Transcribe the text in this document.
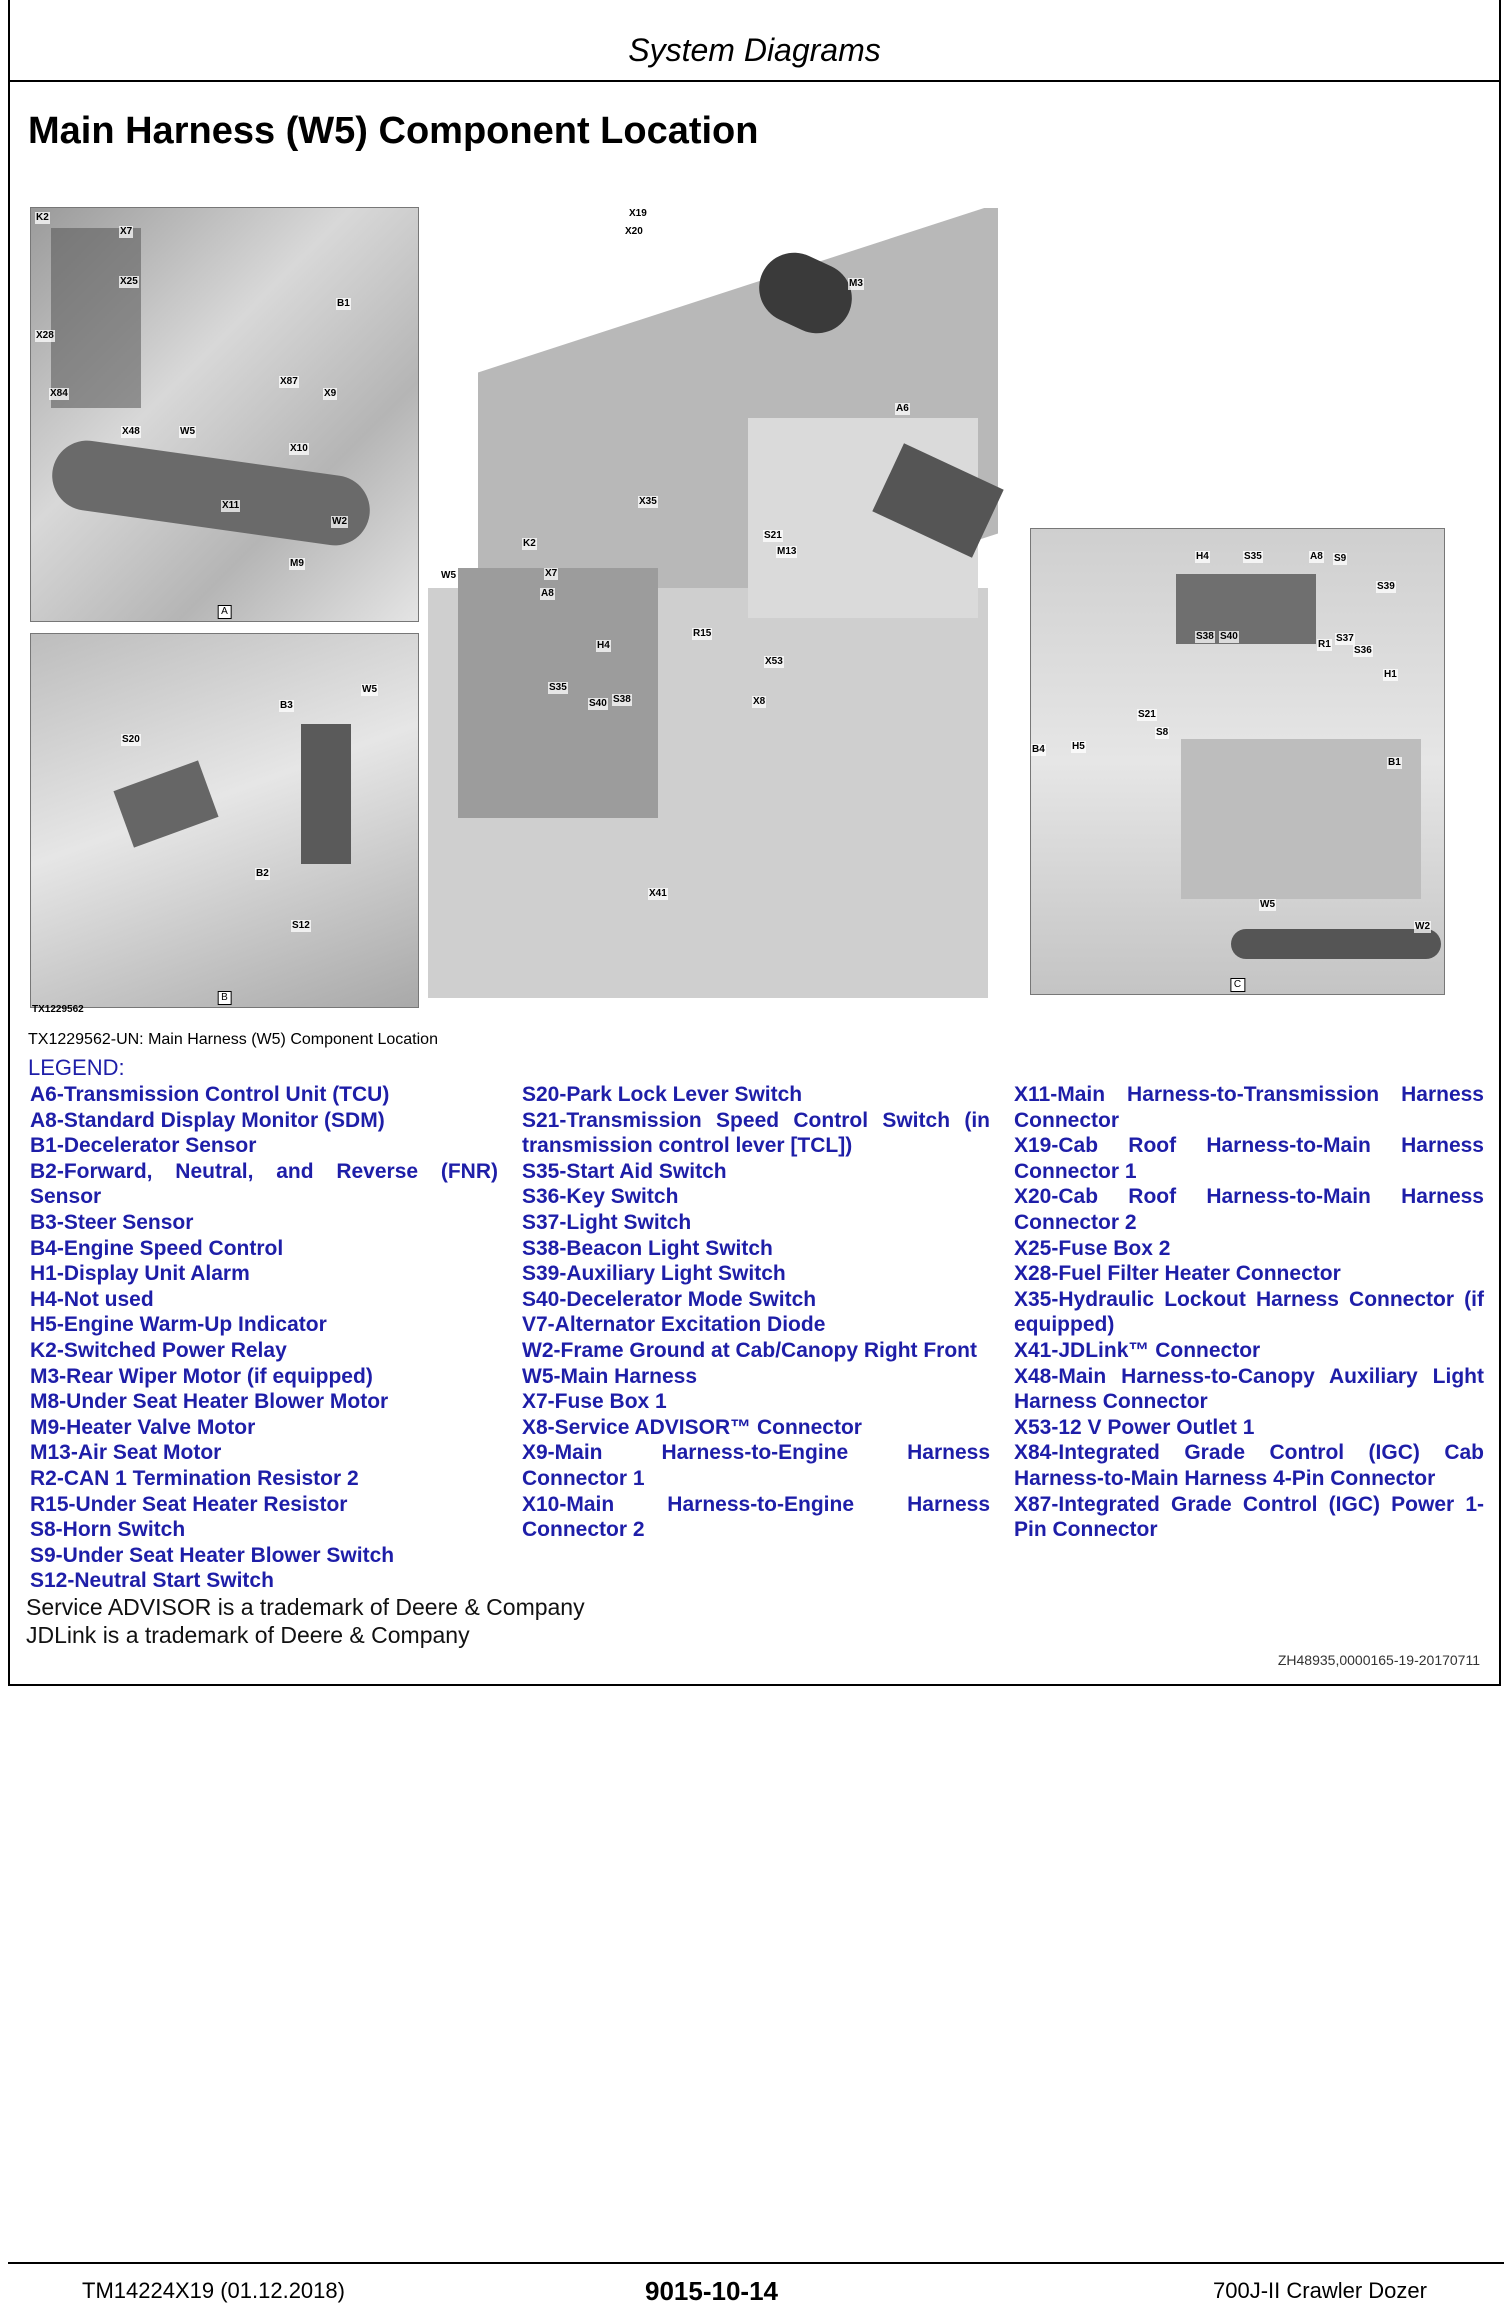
System Diagrams
Main Harness (W5) Component Location
A
K2
X7
X25
X28
B1
X84
X87
X9
X48	W5
X10
X11
W2
M9
B
S20
B3
W5
B2
S12
TX1229562
X19
X20
M3
A6
X35
S21
M13
K2
W5	X7
A8
R15
X53
H4
S35
S40 S38	X8
X41
C
H4	S35	A8 S9
S39
S38 S40
R1
S37
S36
H1
S21
S8
B4	H5
B1
W5
W2
TX1229562-UN: Main Harness (W5) Component Location
LEGEND:
A6-Transmission Control Unit (TCU)
A8-Standard Display Monitor (SDM)
B1-Decelerator Sensor
B2-Forward, Neutral, and Reverse (FNR) Sensor
B3-Steer Sensor
B4-Engine Speed Control
H1-Display Unit Alarm
H4-Not used
H5-Engine Warm-Up Indicator
K2-Switched Power Relay
M3-Rear Wiper Motor (if equipped)
M8-Under Seat Heater Blower Motor
M9-Heater Valve Motor
M13-Air Seat Motor
R2-CAN 1 Termination Resistor 2
R15-Under Seat Heater Resistor
S8-Horn Switch
S9-Under Seat Heater Blower Switch
S12-Neutral Start Switch
S20-Park Lock Lever Switch
S21-Transmission Speed Control Switch (in transmission control lever [TCL])
S35-Start Aid Switch
S36-Key Switch
S37-Light Switch
S38-Beacon Light Switch
S39-Auxiliary Light Switch
S40-Decelerator Mode Switch
V7-Alternator Excitation Diode
W2-Frame Ground at Cab/Canopy Right Front
W5-Main Harness
X7-Fuse Box 1
X8-Service ADVISOR™ Connector
X9-Main Harness-to-Engine Harness Connector 1
X10-Main Harness-to-Engine Harness Connector 2
X11-Main Harness-to-Transmission Harness Connector
X19-Cab Roof Harness-to-Main Harness Connector 1
X20-Cab Roof Harness-to-Main Harness Connector 2
X25-Fuse Box 2
X28-Fuel Filter Heater Connector
X35-Hydraulic Lockout Harness Connector (if equipped)
X41-JDLink™ Connector
X48-Main Harness-to-Canopy Auxiliary Light Harness Connector
X53-12 V Power Outlet 1
X84-Integrated Grade Control (IGC) Cab Harness-to-Main Harness 4-Pin Connector
X87-Integrated Grade Control (IGC) Power 1-Pin Connector
Service ADVISOR is a trademark of Deere & Company
JDLink is a trademark of Deere & Company
ZH48935,0000165-19-20170711
TM14224X19 (01.12.2018)	9015-10-14	700J-II Crawler Dozer
